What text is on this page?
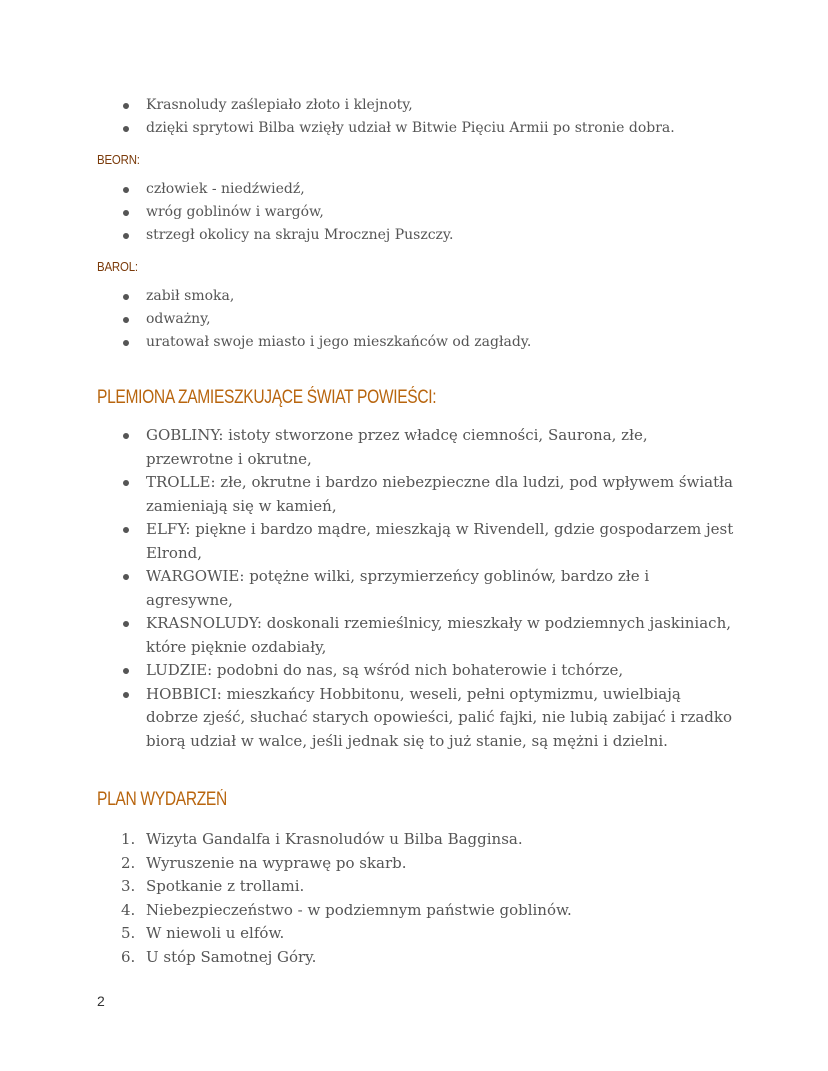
Krasnoludy zaślepiało złoto i klejnoty,
dzięki sprytowi Bilba wzięły udział w Bitwie Pięciu Armii po stronie dobra.
BEORN:
człowiek - niedźwiedź,
wróg goblinów i wargów,
strzegł okolicy na skraju Mrocznej Puszczy.
BAROL:
zabił smoka,
odważny,
uratował swoje miasto i jego mieszkańców od zagłady.
PLEMIONA ZAMIESZKUJĄCE ŚWIAT POWIEŚCI:
GOBLINY: istoty stworzone przez władcę ciemności, Saurona, złe, przewrotne i okrutne,
TROLLE: złe, okrutne i bardzo niebezpieczne dla ludzi, pod wpływem światła zamieniają się w kamień,
ELFY: piękne i bardzo mądre, mieszkają w Rivendell, gdzie gospodarzem jest Elrond,
WARGOWIE: potężne wilki, sprzymierzeńcy goblinów, bardzo złe i agresywne,
KRASNOLUDY: doskonali rzemieślnicy, mieszkały w podziemnych jaskiniach, które pięknie ozdabiały,
LUDZIE: podobni do nas, są wśród nich bohaterowie i tchórze,
HOBBICI: mieszkańcy Hobbitonu, weseli, pełni optymizmu, uwielbiają dobrze zjeść, słuchać starych opowieści, palić fajki, nie lubią zabijać i rzadko biorą udział w walce, jeśli jednak się to już stanie, są mężni i dzielni.
PLAN WYDARZEŃ
1. Wizyta Gandalfa i Krasnoludów u Bilba Bagginsa.
2. Wyruszenie na wyprawę po skarb.
3. Spotkanie z trollami.
4. Niebezpieczeństwo - w podziemnym państwie goblinów.
5. W niewoli u elfów.
6. U stóp Samotnej Góry.
2
